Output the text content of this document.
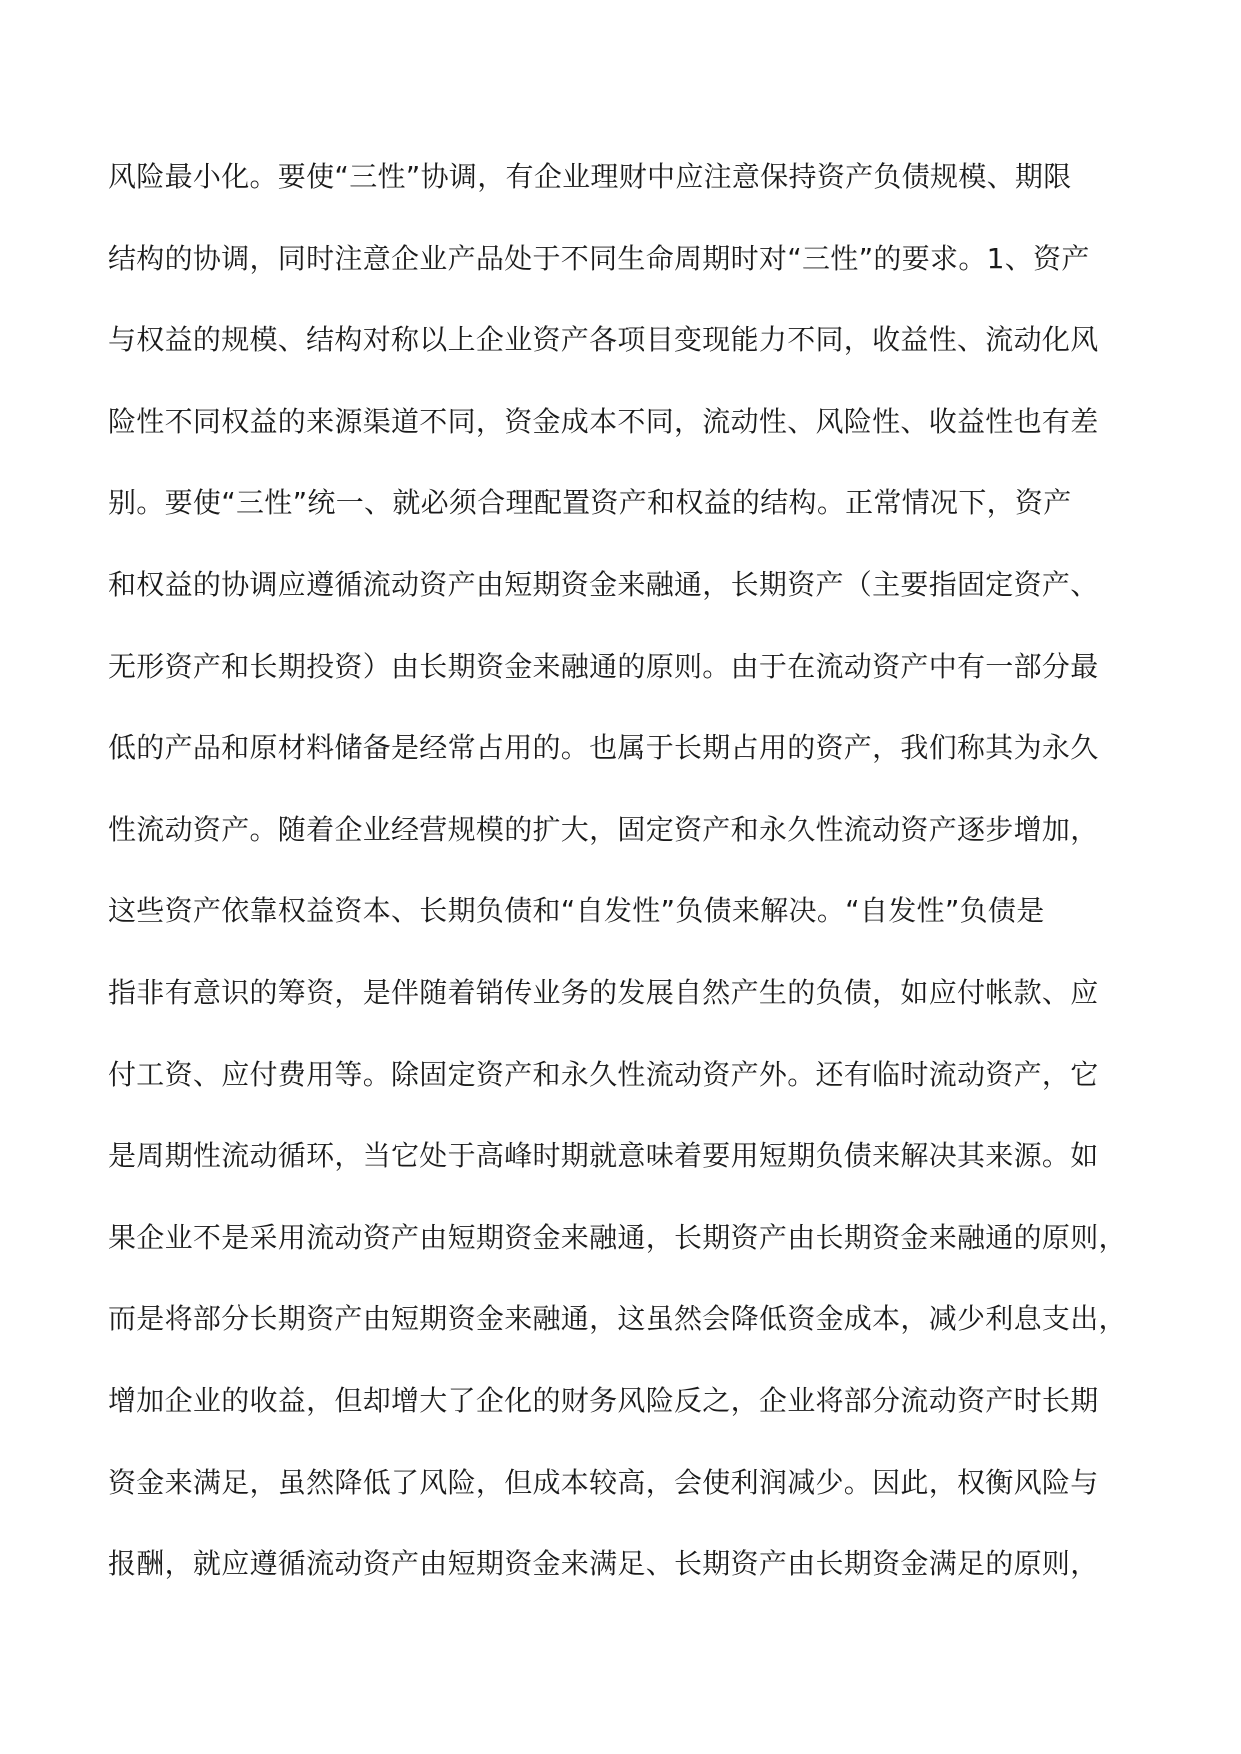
风险最小化。要使“三性”协调，有企业理财中应注意保持资产负债规模、期限
结构的协调，同时注意企业产品处于不同生命周期时对“三性”的要求。1、资产
与权益的规模、结构对称以上企业资产各项目变现能力不同，收益性、流动化风
险性不同权益的来源渠道不同，资金成本不同，流动性、风险性、收益性也有差
别。要使“三性”统一、就必须合理配置资产和权益的结构。正常情况下，资产
和权益的协调应遵循流动资产由短期资金来融通，长期资产（主要指固定资产、
无形资产和长期投资）由长期资金来融通的原则。由于在流动资产中有一部分最
低的产品和原材料储备是经常占用的。也属于长期占用的资产，我们称其为永久
性流动资产。随着企业经营规模的扩大，固定资产和永久性流动资产逐步增加，
这些资产依靠权益资本、长期负债和“自发性”负债来解决。“自发性”负债是
指非有意识的筹资，是伴随着销传业务的发展自然产生的负债，如应付帐款、应
付工资、应付费用等。除固定资产和永久性流动资产外。还有临时流动资产，它
是周期性流动循环，当它处于高峰时期就意味着要用短期负债来解决其来源。如
果企业不是采用流动资产由短期资金来融通，长期资产由长期资金来融通的原则，
而是将部分长期资产由短期资金来融通，这虽然会降低资金成本，减少利息支出，
增加企业的收益，但却增大了企化的财务风险反之，企业将部分流动资产时长期
资金来满足，虽然降低了风险，但成本较高，会使利润减少。因此，权衡风险与
报酬，就应遵循流动资产由短期资金来满足、长期资产由长期资金满足的原则，
